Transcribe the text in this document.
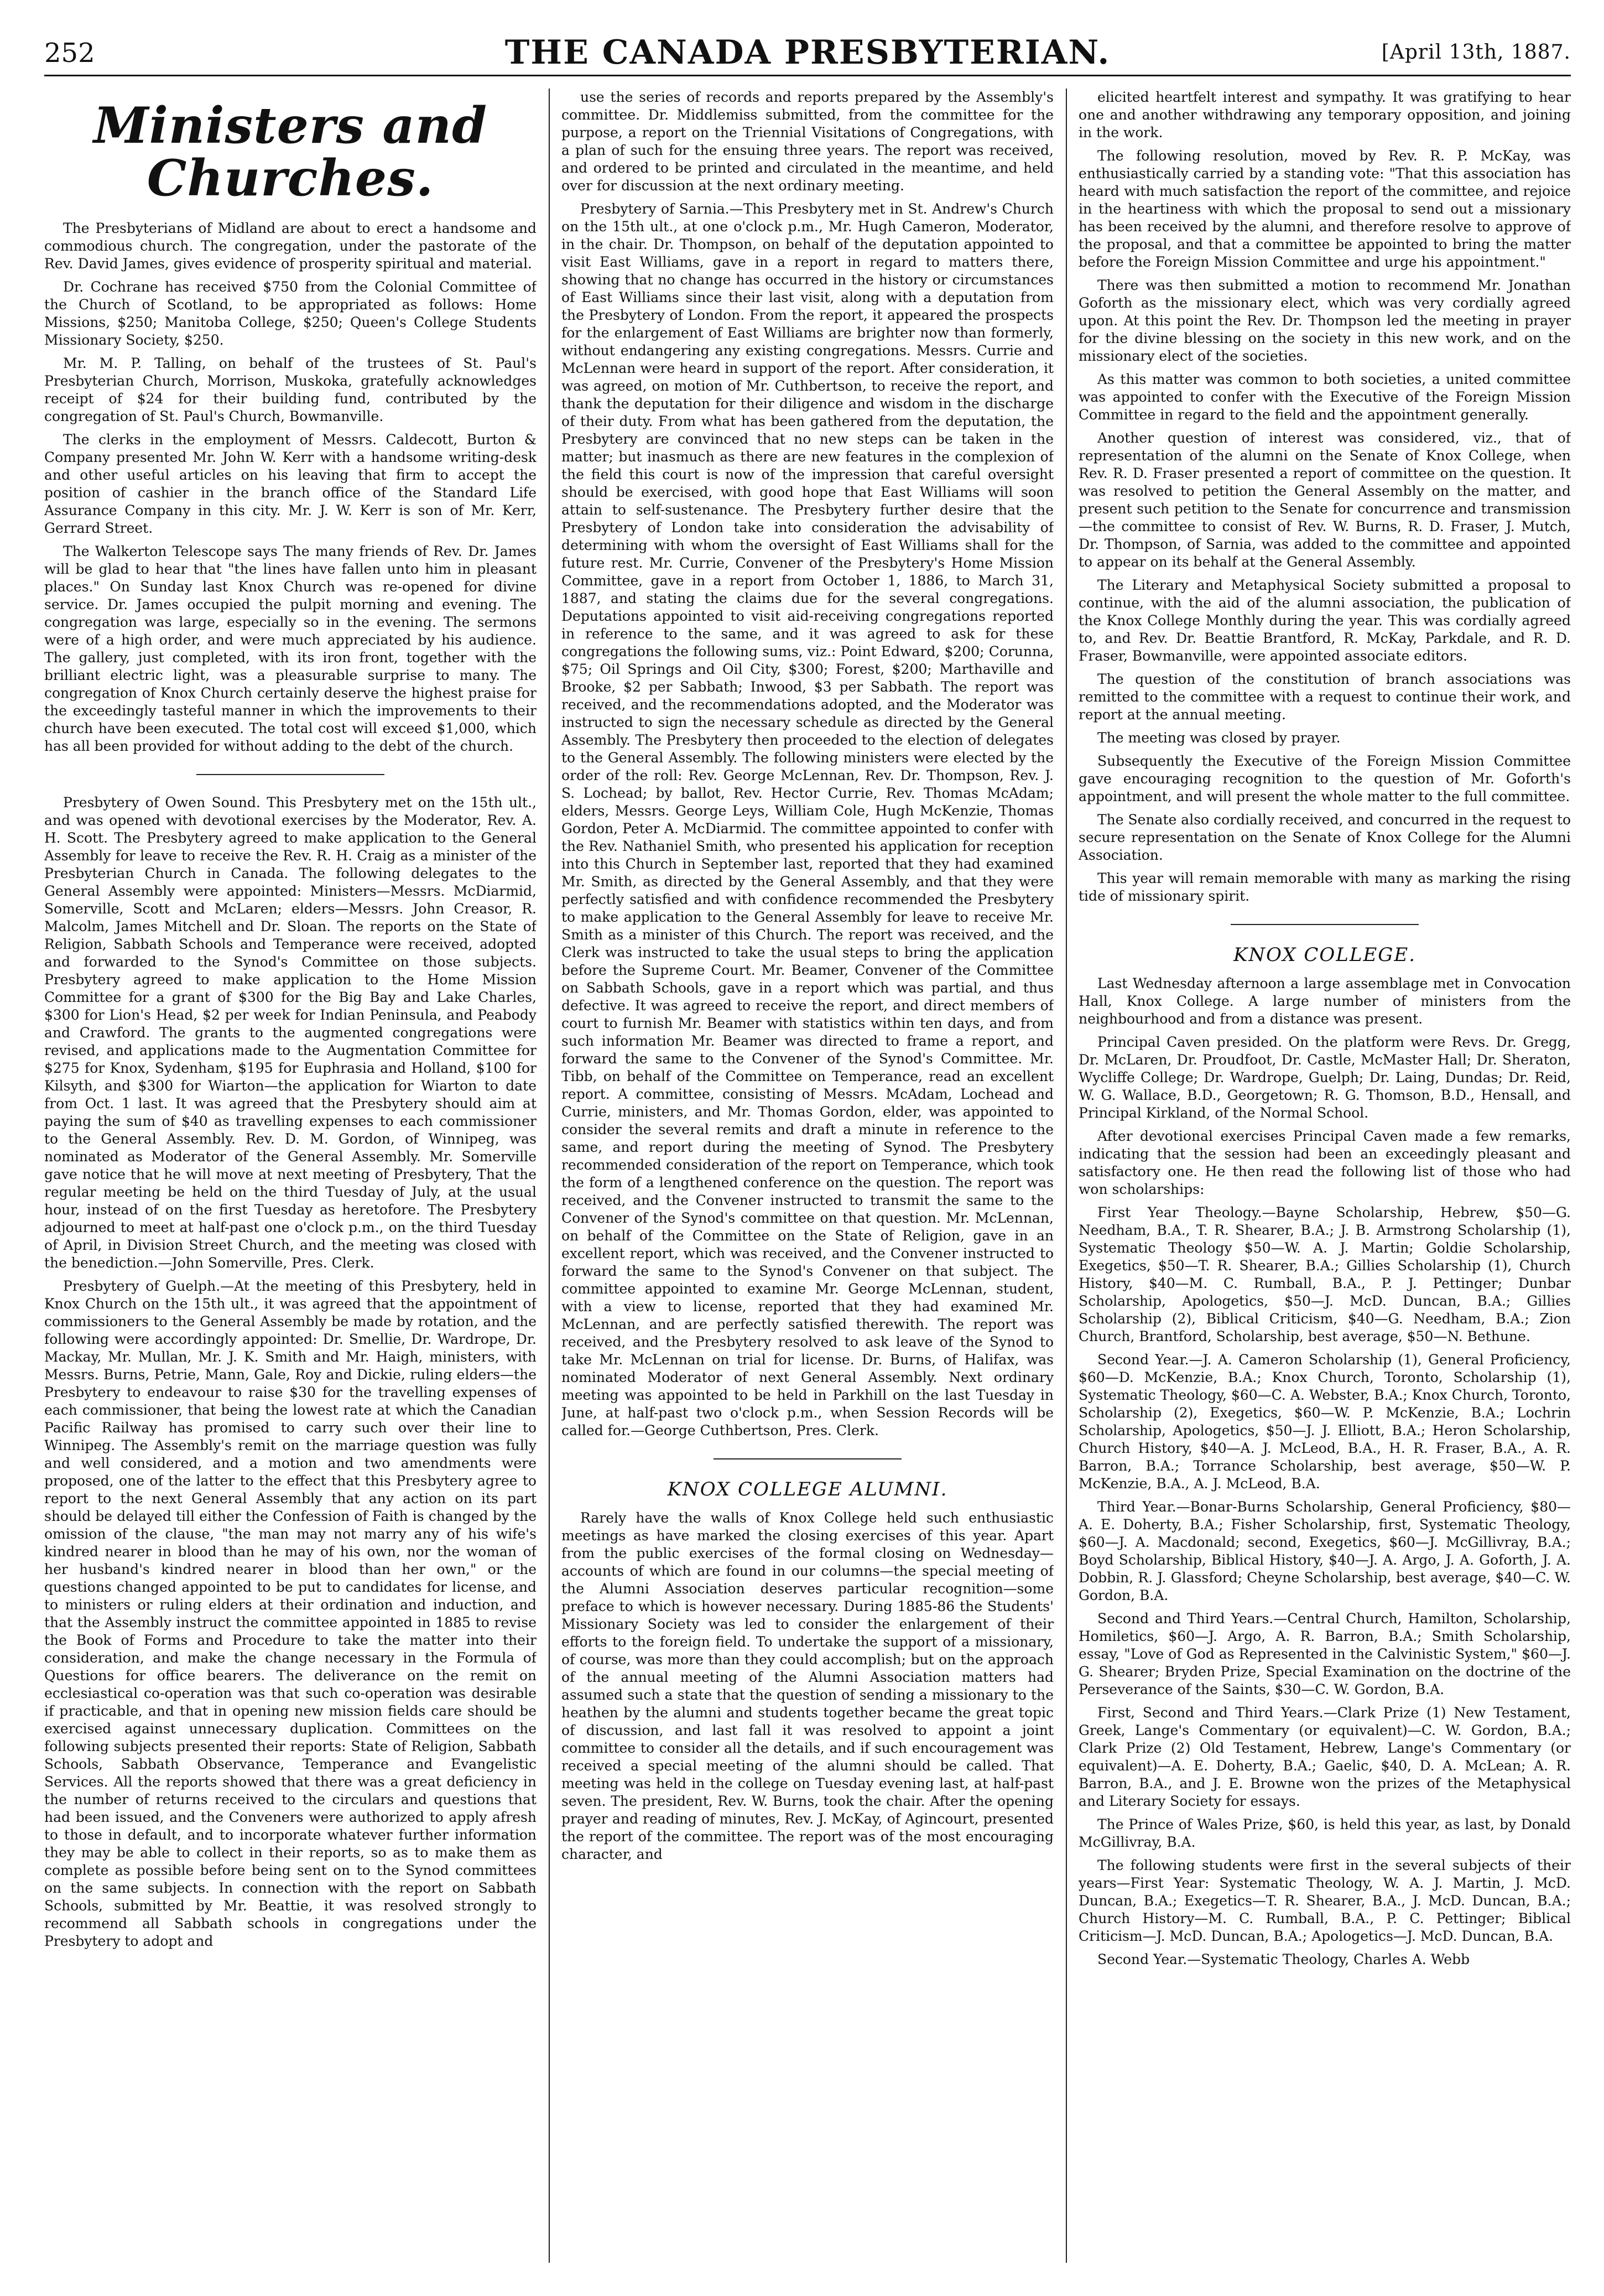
252	THE CANADA PRESBYTERIAN.	[April 13th, 1887.
Ministers and Churches.

The Presbyterians of Midland are about to erect a handsome and commodious church. The congregation, under the pastorate of the Rev. David James, gives evidence of prosperity spiritual and material.

Dr. Cochrane has received $750 from the Colonial Committee of the Church of Scotland, to be appropriated as follows: Home Missions, $250; Manitoba College, $250; Queen's College Students Missionary Society, $250.

Mr. M. P. Talling, on behalf of the trustees of St. Paul's Presbyterian Church, Morrison, Muskoka, gratefully acknowledges receipt of $24 for their building fund, contributed by the congregation of St. Paul's Church, Bowmanville.

The clerks in the employment of Messrs. Caldecott, Burton & Company presented Mr. John W. Kerr with a handsome writing-desk and other useful articles on his leaving that firm to accept the position of cashier in the branch office of the Standard Life Assurance Company in this city. Mr. J. W. Kerr is son of Mr. Kerr, Gerrard Street.

The Walkerton Telescope says The many friends of Rev. Dr. James will be glad to hear that "the lines have fallen unto him in pleasant places." On Sunday last Knox Church was re-opened for divine service. Dr. James occupied the pulpit morning and evening. The congregation was large, especially so in the evening. The sermons were of a high order, and were much appreciated by his audience. The gallery, just completed, with its iron front, together with the brilliant electric light, was a pleasurable surprise to many. The congregation of Knox Church certainly deserve the highest praise for the exceedingly tasteful manner in which the improvements to their church have been executed. The total cost will exceed $1,000, which has all been provided for without adding to the debt of the church.

Presbytery of Owen Sound. This Presbytery met on the 15th ult., and was opened with devotional exercises by the Moderator, Rev. A. H. Scott. The Presbytery agreed to make application to the General Assembly for leave to receive the Rev. R. H. Craig as a minister of the Presbyterian Church in Canada. The following delegates to the General Assembly were appointed: Ministers—Messrs. McDiarmid, Somerville, Scott and McLaren; elders—Messrs. John Creasor, R. Malcolm, James Mitchell and Dr. Sloan. The reports on the State of Religion, Sabbath Schools and Temperance were received, adopted and forwarded to the Synod's Committee on those subjects. Presbytery agreed to make application to the Home Mission Committee for a grant of $300 for the Big Bay and Lake Charles, $300 for Lion's Head, $2 per week for Indian Peninsula, and Peabody and Crawford. The grants to the augmented congregations were revised, and applications made to the Augmentation Committee for $275 for Knox, Sydenham, $195 for Euphrasia and Holland, $100 for Kilsyth, and $300 for Wiarton—the application for Wiarton to date from Oct. 1 last. It was agreed that the Presbytery should aim at paying the sum of $40 as travelling expenses to each commissioner to the General Assembly. Rev. D. M. Gordon, of Winnipeg, was nominated as Moderator of the General Assembly. Mr. Somerville gave notice that he will move at next meeting of Presbytery, That the regular meeting be held on the third Tuesday of July, at the usual hour, instead of on the first Tuesday as heretofore. The Presbytery adjourned to meet at half-past one o'clock p.m., on the third Tuesday of April, in Division Street Church, and the meeting was closed with the benediction.—John Somerville, Pres. Clerk.

Presbytery of Guelph.—At the meeting of this Presbytery, held in Knox Church on the 15th ult., it was agreed that the appointment of commissioners to the General Assembly be made by rotation, and the following were accordingly appointed: Dr. Smellie, Dr. Wardrope, Dr. Mackay, Mr. Mullan, Mr. J. K. Smith and Mr. Haigh, ministers, with Messrs. Burns, Petrie, Mann, Gale, Roy and Dickie, ruling elders—the Presbytery to endeavour to raise $30 for the travelling expenses of each commissioner, that being the lowest rate at which the Canadian Pacific Railway has promised to carry such over their line to Winnipeg. The Assembly's remit on the marriage question was fully and well considered, and a motion and two amendments were proposed, one of the latter to the effect that this Presbytery agree to report to the next General Assembly that any action on its part should be delayed till either the Confession of Faith is changed by the omission of the clause, "the man may not marry any of his wife's kindred nearer in blood than he may of his own, nor the woman of her husband's kindred nearer in blood than her own," or the questions changed appointed to be put to candidates for license, and to ministers or ruling elders at their ordination and induction, and that the Assembly instruct the committee appointed in 1885 to revise the Book of Forms and Procedure to take the matter into their consideration, and make the change necessary in the Formula of Questions for office bearers. The deliverance on the remit on ecclesiastical co-operation was that such co-operation was desirable if practicable, and that in opening new mission fields care should be exercised against unnecessary duplication. Committees on the following subjects presented their reports: State of Religion, Sabbath Schools, Sabbath Observance, Temperance and Evangelistic Services. All the reports showed that there was a great deficiency in the number of returns received to the circulars and questions that had been issued, and the Conveners were authorized to apply afresh to those in default, and to incorporate whatever further information they may be able to collect in their reports, so as to make them as complete as possible before being sent on to the Synod committees on the same subjects. In connection with the report on Sabbath Schools, submitted by Mr. Beattie, it was resolved strongly to recommend all Sabbath schools in congregations under the Presbytery to adopt and

use the series of records and reports prepared by the Assembly's committee. Dr. Middlemiss submitted, from the committee for the purpose, a report on the Triennial Visitations of Congregations, with a plan of such for the ensuing three years. The report was received, and ordered to be printed and circulated in the meantime, and held over for discussion at the next ordinary meeting.

Presbytery of Sarnia.—This Presbytery met in St. Andrew's Church on the 15th ult., at one o'clock p.m., Mr. Hugh Cameron, Moderator, in the chair. Dr. Thompson, on behalf of the deputation appointed to visit East Williams, gave in a report in regard to matters there, showing that no change has occurred in the history or circumstances of East Williams since their last visit, along with a deputation from the Presbytery of London. From the report, it appeared the prospects for the enlargement of East Williams are brighter now than formerly, without endangering any existing congregations. Messrs. Currie and McLennan were heard in support of the report. After consideration, it was agreed, on motion of Mr. Cuthbertson, to receive the report, and thank the deputation for their diligence and wisdom in the discharge of their duty. From what has been gathered from the deputation, the Presbytery are convinced that no new steps can be taken in the matter; but inasmuch as there are new features in the complexion of the field this court is now of the impression that careful oversight should be exercised, with good hope that East Williams will soon attain to self-sustenance. The Presbytery further desire that the Presbytery of London take into consideration the advisability of determining with whom the oversight of East Williams shall for the future rest. Mr. Currie, Convener of the Presbytery's Home Mission Committee, gave in a report from October 1, 1886, to March 31, 1887, and stating the claims due for the several congregations. Deputations appointed to visit aid-receiving congregations reported in reference to the same, and it was agreed to ask for these congregations the following sums, viz.: Point Edward, $200; Corunna, $75; Oil Springs and Oil City, $300; Forest, $200; Marthaville and Brooke, $2 per Sabbath; Inwood, $3 per Sabbath. The report was received, and the recommendations adopted, and the Moderator was instructed to sign the necessary schedule as directed by the General Assembly. The Presbytery then proceeded to the election of delegates to the General Assembly. The following ministers were elected by the order of the roll: Rev. George McLennan, Rev. Dr. Thompson, Rev. J. S. Lochead; by ballot, Rev. Hector Currie, Rev. Thomas McAdam; elders, Messrs. George Leys, William Cole, Hugh McKenzie, Thomas Gordon, Peter A. McDiarmid. The committee appointed to confer with the Rev. Nathaniel Smith, who presented his application for reception into this Church in September last, reported that they had examined Mr. Smith, as directed by the General Assembly, and that they were perfectly satisfied and with confidence recommended the Presbytery to make application to the General Assembly for leave to receive Mr. Smith as a minister of this Church. The report was received, and the Clerk was instructed to take the usual steps to bring the application before the Supreme Court. Mr. Beamer, Convener of the Committee on Sabbath Schools, gave in a report which was partial, and thus defective. It was agreed to receive the report, and direct members of court to furnish Mr. Beamer with statistics within ten days, and from such information Mr. Beamer was directed to frame a report, and forward the same to the Convener of the Synod's Committee. Mr. Tibb, on behalf of the Committee on Temperance, read an excellent report. A committee, consisting of Messrs. McAdam, Lochead and Currie, ministers, and Mr. Thomas Gordon, elder, was appointed to consider the several remits and draft a minute in reference to the same, and report during the meeting of Synod. The Presbytery recommended consideration of the report on Temperance, which took the form of a lengthened conference on the question. The report was received, and the Convener instructed to transmit the same to the Convener of the Synod's committee on that question. Mr. McLennan, on behalf of the Committee on the State of Religion, gave in an excellent report, which was received, and the Convener instructed to forward the same to the Synod's Convener on that subject. The committee appointed to examine Mr. George McLennan, student, with a view to license, reported that they had examined Mr. McLennan, and are perfectly satisfied therewith. The report was received, and the Presbytery resolved to ask leave of the Synod to take Mr. McLennan on trial for license. Dr. Burns, of Halifax, was nominated Moderator of next General Assembly. Next ordinary meeting was appointed to be held in Parkhill on the last Tuesday in June, at half-past two o'clock p.m., when Session Records will be called for.—George Cuthbertson, Pres. Clerk.

KNOX COLLEGE ALUMNI.

Rarely have the walls of Knox College held such enthusiastic meetings as have marked the closing exercises of this year. Apart from the public exercises of the formal closing on Wednesday—accounts of which are found in our columns—the special meeting of the Alumni Association deserves particular recognition—some preface to which is however necessary. During 1885-86 the Students' Missionary Society was led to consider the enlargement of their efforts to the foreign field. To undertake the support of a missionary, of course, was more than they could accomplish; but on the approach of the annual meeting of the Alumni Association matters had assumed such a state that the question of sending a missionary to the heathen by the alumni and students together became the great topic of discussion, and last fall it was resolved to appoint a joint committee to consider all the details, and if such encouragement was received a special meeting of the alumni should be called. That meeting was held in the college on Tuesday evening last, at half-past seven. The president, Rev. W. Burns, took the chair. After the opening prayer and reading of minutes, Rev. J. McKay, of Agincourt, presented the report of the committee. The report was of the most encouraging character, and

elicited heartfelt interest and sympathy. It was gratifying to hear one and another withdrawing any temporary opposition, and joining in the work.

The following resolution, moved by Rev. R. P. McKay, was enthusiastically carried by a standing vote: "That this association has heard with much satisfaction the report of the committee, and rejoice in the heartiness with which the proposal to send out a missionary has been received by the alumni, and therefore resolve to approve of the proposal, and that a committee be appointed to bring the matter before the Foreign Mission Committee and urge his appointment."

There was then submitted a motion to recommend Mr. Jonathan Goforth as the missionary elect, which was very cordially agreed upon. At this point the Rev. Dr. Thompson led the meeting in prayer for the divine blessing on the society in this new work, and on the missionary elect of the societies.

As this matter was common to both societies, a united committee was appointed to confer with the Executive of the Foreign Mission Committee in regard to the field and the appointment generally.

Another question of interest was considered, viz., that of representation of the alumni on the Senate of Knox College, when Rev. R. D. Fraser presented a report of committee on the question. It was resolved to petition the General Assembly on the matter, and present such petition to the Senate for concurrence and transmission—the committee to consist of Rev. W. Burns, R. D. Fraser, J. Mutch, Dr. Thompson, of Sarnia, was added to the committee and appointed to appear on its behalf at the General Assembly.

The Literary and Metaphysical Society submitted a proposal to continue, with the aid of the alumni association, the publication of the Knox College Monthly during the year. This was cordially agreed to, and Rev. Dr. Beattie Brantford, R. McKay, Parkdale, and R. D. Fraser, Bowmanville, were appointed associate editors.

The question of the constitution of branch associations was remitted to the committee with a request to continue their work, and report at the annual meeting.

The meeting was closed by prayer.

Subsequently the Executive of the Foreign Mission Committee gave encouraging recognition to the question of Mr. Goforth's appointment, and will present the whole matter to the full committee.

The Senate also cordially received, and concurred in the request to secure representation on the Senate of Knox College for the Alumni Association.

This year will remain memorable with many as marking the rising tide of missionary spirit.

KNOX COLLEGE.

Last Wednesday afternoon a large assemblage met in Convocation Hall, Knox College. A large number of ministers from the neighbourhood and from a distance was present.

Principal Caven presided. On the platform were Revs. Dr. Gregg, Dr. McLaren, Dr. Proudfoot, Dr. Castle, McMaster Hall; Dr. Sheraton, Wycliffe College; Dr. Wardrope, Guelph; Dr. Laing, Dundas; Dr. Reid, W. G. Wallace, B.D., Georgetown; R. G. Thomson, B.D., Hensall, and Principal Kirkland, of the Normal School.

After devotional exercises Principal Caven made a few remarks, indicating that the session had been an exceedingly pleasant and satisfactory one. He then read the following list of those who had won scholarships:

First Year Theology.—Bayne Scholarship, Hebrew, $50—G. Needham, B.A., T. R. Shearer, B.A.; J. B. Armstrong Scholarship (1), Systematic Theology $50—W. A. J. Martin; Goldie Scholarship, Exegetics, $50—T. R. Shearer, B.A.; Gillies Scholarship (1), Church History, $40—M. C. Rumball, B.A., P. J. Pettinger; Dunbar Scholarship, Apologetics, $50—J. McD. Duncan, B.A.; Gillies Scholarship (2), Biblical Criticism, $40—G. Needham, B.A.; Zion Church, Brantford, Scholarship, best average, $50—N. Bethune.

Second Year.—J. A. Cameron Scholarship (1), General Proficiency, $60—D. McKenzie, B.A.; Knox Church, Toronto, Scholarship (1), Systematic Theology, $60—C. A. Webster, B.A.; Knox Church, Toronto, Scholarship (2), Exegetics, $60—W. P. McKenzie, B.A.; Lochrin Scholarship, Apologetics, $50—J. J. Elliott, B.A.; Heron Scholarship, Church History, $40—A. J. McLeod, B.A., H. R. Fraser, B.A., A. R. Barron, B.A.; Torrance Scholarship, best average, $50—W. P. McKenzie, B.A., A. J. McLeod, B.A.

Third Year.—Bonar-Burns Scholarship, General Proficiency, $80—A. E. Doherty, B.A.; Fisher Scholarship, first, Systematic Theology, $60—J. A. Macdonald; second, Exegetics, $60—J. McGillivray, B.A.; Boyd Scholarship, Biblical History, $40—J. A. Argo, J. A. Goforth, J. A. Dobbin, R. J. Glassford; Cheyne Scholarship, best average, $40—C. W. Gordon, B.A.

Second and Third Years.—Central Church, Hamilton, Scholarship, Homiletics, $60—J. Argo, A. R. Barron, B.A.; Smith Scholarship, essay, "Love of God as Represented in the Calvinistic System," $60—J. G. Shearer; Bryden Prize, Special Examination on the doctrine of the Perseverance of the Saints, $30—C. W. Gordon, B.A.

First, Second and Third Years.—Clark Prize (1) New Testament, Greek, Lange's Commentary (or equivalent)—C. W. Gordon, B.A.; Clark Prize (2) Old Testament, Hebrew, Lange's Commentary (or equivalent)—A. E. Doherty, B.A.; Gaelic, $40, D. A. McLean; A. R. Barron, B.A., and J. E. Browne won the prizes of the Metaphysical and Literary Society for essays.

The Prince of Wales Prize, $60, is held this year, as last, by Donald McGillivray, B.A.

The following students were first in the several subjects of their years—First Year: Systematic Theology, W. A. J. Martin, J. McD. Duncan, B.A.; Exegetics—T. R. Shearer, B.A., J. McD. Duncan, B.A.; Church History—M. C. Rumball, B.A., P. C. Pettinger; Biblical Criticism—J. McD. Duncan, B.A.; Apologetics—J. McD. Duncan, B.A.

Second Year.—Systematic Theology, Charles A. Webb
